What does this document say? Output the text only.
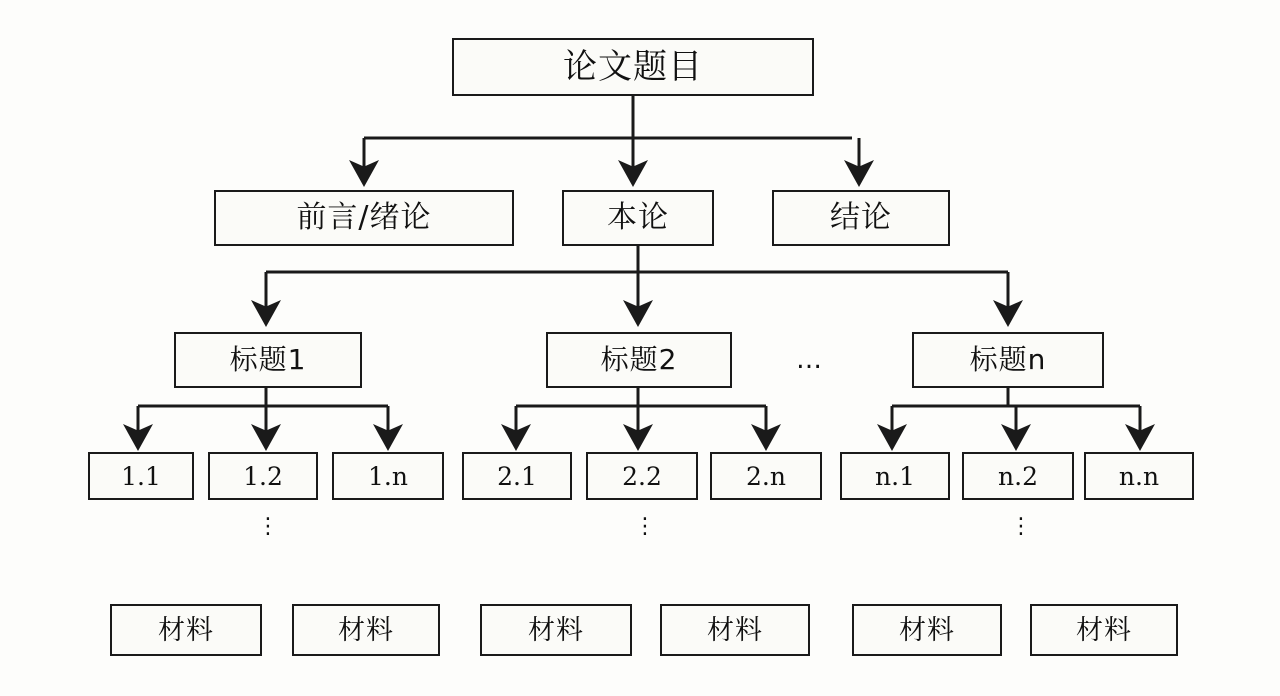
论文题目
前言/绪论	本论	结论
标题1	标题2	标题n
…
1.1	1.2	1.n	2.1	2.2	2.n	n.1	n.2	n.n
⋮	⋮	⋮
材料	材料	材料	材料	材料	材料
